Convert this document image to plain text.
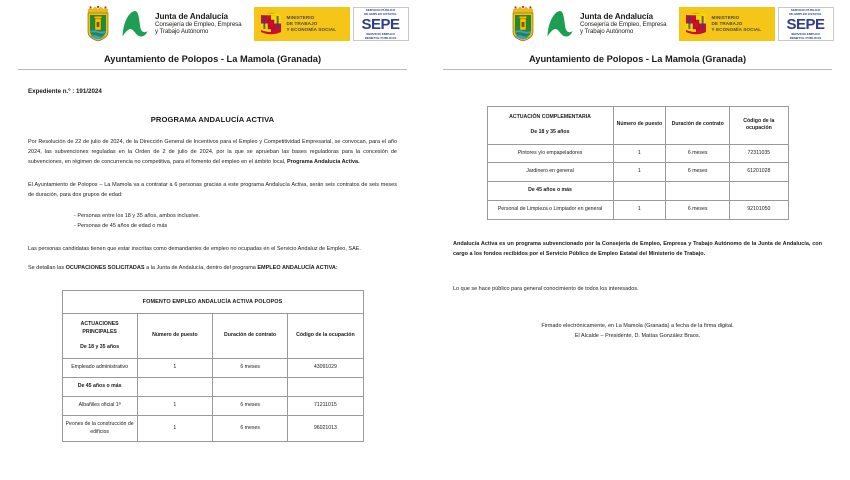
Junta de Andalucía
Consejería de Empleo, Empresa
y Trabajo Autónomo
MINISTERIO
DE TRABAJO
Y ECONOMÍA SOCIAL
SERVICIO PÚBLICO
DE EMPLEO ESTATAL
SEPE
SERVICIO EMPLEO
DEMETOL PUBLICAS
Ayuntamiento de Polopos - La Mamola (Granada)
Expediente n.º : 191/2024
PROGRAMA ANDALUCÍA ACTIVA

Por Resolución de 22 de julio de 2024, de la Dirección General de Incentivos para el Empleo y Competitividad Empresarial, se convocan, para el año 2024, las subvenciones reguladas en la Orden de 2 de julio de 2024, por la que se aprueban las bases reguladoras para la concesión de subvenciones, en régimen de concurrencia no competitiva, para el fomento del empleo en el ámbito local, Programa Andalucía Activa.

El Ayuntamiento de Polopos – La Mamola va a contratar a 6 personas gracias a este programa Andalucía Activa, serán seis contratos de seis meses de duración, para dos grupos de edad:

- Personas entre los 18 y 35 años, ambos inclusive.
- Personas de 45 años de edad o más

Las personas candidatas tienen que estar inscritas como demandantes de empleo no ocupadas en el Servicio Andaluz de Empleo, SAE.

Se detallan las OCUPACIONES SOLICITADAS a la Junta de Andalucía, dentro del programa EMPLEO ANDALUCÍA ACTIVA:

FOMENTO EMPLEO ANDALUCÍA ACTIVA POLOPOS			
ACTUACIONES PRINCIPALES
De 18 y 35 años	Número de puesto	Duración de contrato	Código de la ocupación
Empleado administrativo	1	6 meses	43091029
De 45 años o más			
Albañiles oficial 1ª	1	6 meses	71211015
Peones de la construcción de edificios	1	6 meses	96021013
Junta de Andalucía
Consejería de Empleo, Empresa
y Trabajo Autónomo
MINISTERIO
DE TRABAJO
Y ECONOMÍA SOCIAL
SERVICIO PÚBLICO
DE EMPLEO ESTATAL
SEPE
SERVICIO EMPLEO
DEMETOL PUBLICAS
Ayuntamiento de Polopos - La Mamola (Granada)
ACTUACIÓN COMPLEMENTARIA
De 18 y 35 años	Número de puesto	Duración de contrato	Código de la ocupación
Pintores y/o empapeladores	1	6 meses	72311035
Jardinero en general	1	6 meses	61201028
De 45 años o más			
Personal de Limpieza o Limpiador en general	1	6 meses	92101050

Andalucía Activa es un programa subvencionado por la Consejería de Empleo, Empresa y Trabajo Autónomo de la Junta de Andalucía, con cargo a los fondos recibidos por el Servicio Público de Empleo Estatal del Ministerio de Trabajo.

Lo que se hace público para general conocimiento de todos los interesados.

Firmado electrónicamente, en La Mamola (Granada) a fecha de la firma digital.
El Alcalde – Presidente, D. Matías González Braos.
